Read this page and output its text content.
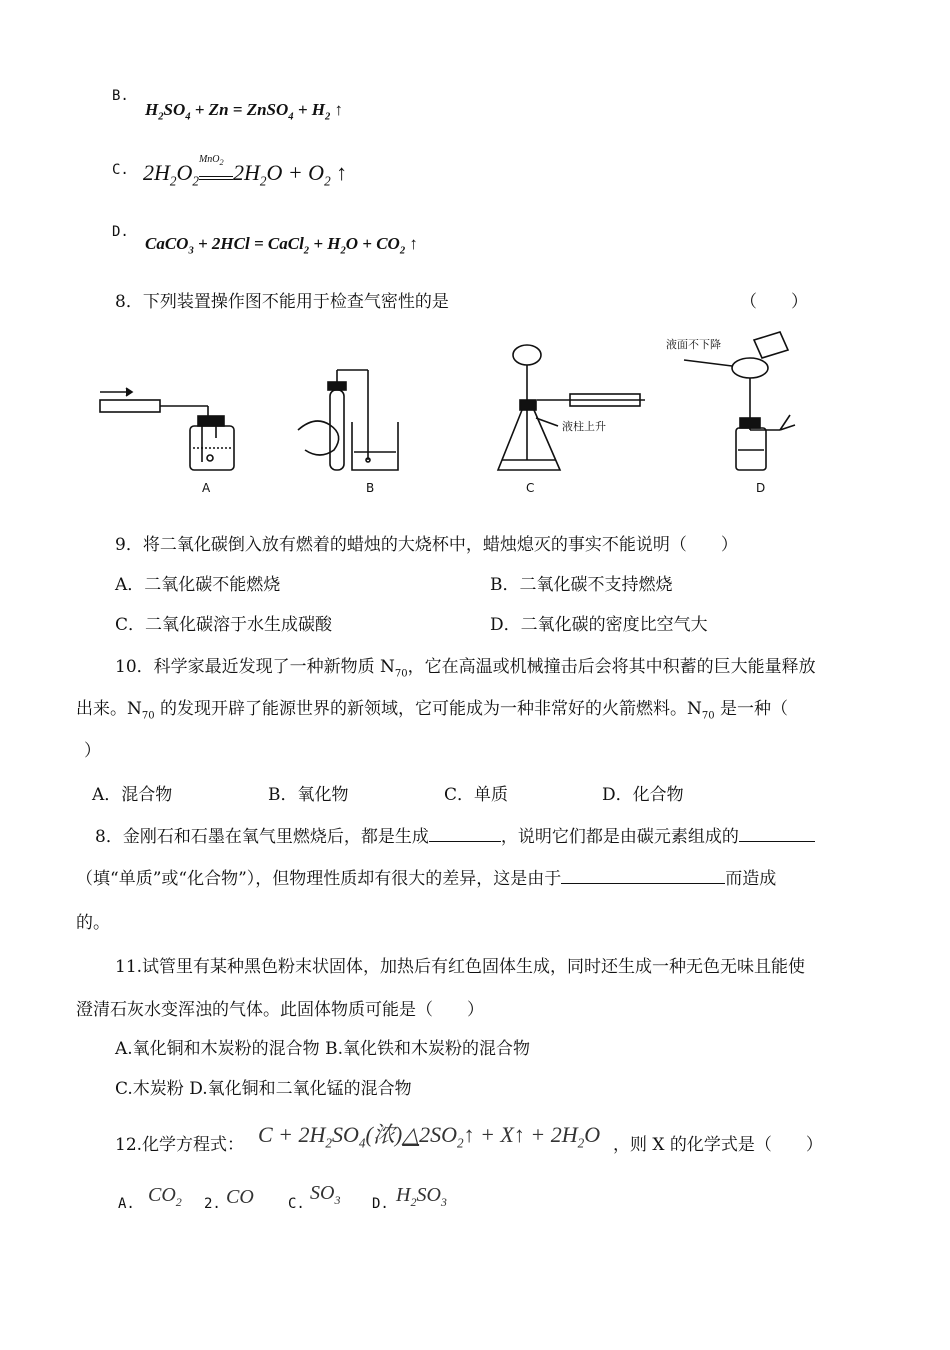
B.
$H_2SO_4 + Zn$ = ZnSO$_4$ + $H_2$ ↑
C. $2H_2O_2$
MnO$_2$ $2H_2O + O_2$ ↑
D.
CaCO$_3$ + 2HCl = CaCl$_2$ + $H_2O + CO_2$ ↑
8．下列装置操作图不能用于检查气密性的是	（　　）
液柱上升
液面不下降
A	B	C	D
9．将二氧化碳倒入放有燃着的蜡烛的大烧杯中，蜡烛熄灭的事实不能说明（　　）
A．二氧化碳不能燃烧	B．二氧化碳不支持燃烧
C．二氧化碳溶于水生成碳酸	D．二氧化碳的密度比空气大
10．科学家最近发现了一种新物质 $N_{70}$，它在高温或机械撞击后会将其中积蓄的巨大能量释放
出来。$N_{70}$ 的发现开辟了能源世界的新领域，它可能成为一种非常好的火箭燃料。$N_{70}$ 是一种（
）
A．混合物	B．氧化物	C．单质	D．化合物
8．金刚石和石墨在氧气里燃烧后，都是生成	，说明它们都是由碳元素组成的
（填“单质”或“化合物”），但物理性质却有很大的差异，这是由于	而造成
的。
11.试管里有某种黑色粉末状固体，加热后有红色固体生成，同时还生成一种无色无味且能使
澄清石灰水变浑浊的气体。此固体物质可能是（　　）
A.氧化铜和木炭粉的混合物 B.氧化铁和木炭粉的混合物
C.木炭粉 D.氧化铜和二氧化锰的混合物
12.化学方程式： $C + 2H_2SO_4$(浓)$\triangle 2SO_2↑$ + X↑ + $2H_2O$ ，则 X 的化学式是（　　）
A. $CO_2$ 2. CO C. $SO_3$ D. $H_2SO_3$
